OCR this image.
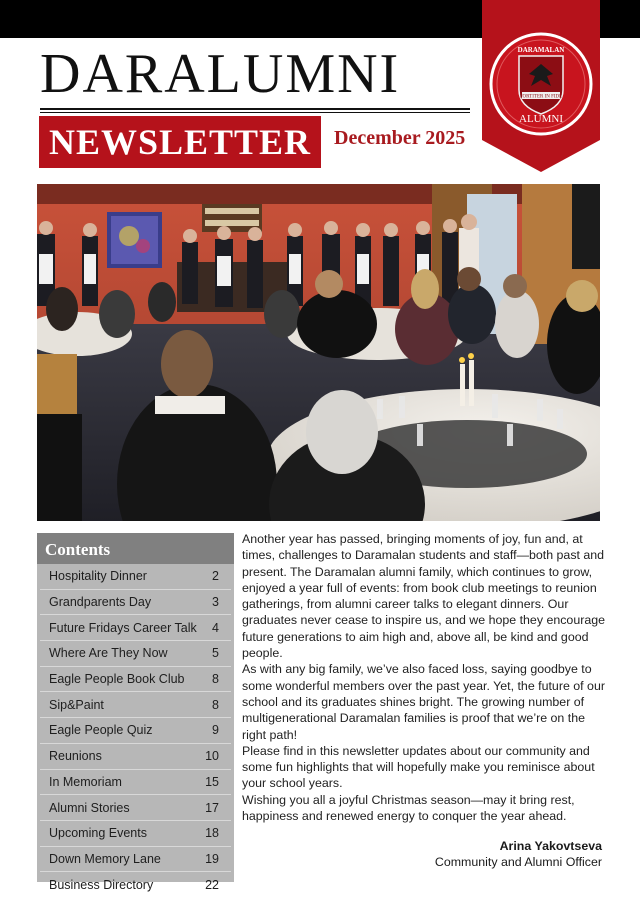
DARALUMNI
NEWSLETTER	December 2025
FORTITER IN FIDE
DARAMALAN
ALUMNI
Contents
Hospitality Dinner	2
Grandparents Day	3
Future Fridays Career Talk 4
Where Are They Now	5
Eagle People Book Club 8
Sip&Paint	8
Eagle People Quiz	9
Reunions	10
In Memoriam	15
Alumni Stories	17
Upcoming Events	18
Down Memory Lane	19
Business Directory	22

Another year has passed, bringing moments of joy, fun and, at times, challenges to Daramalan students and staff—both past and present. The Daramalan alumni family, which continues to grow, enjoyed a year full of events: from book club meetings to reunion gatherings, from alumni career talks to elegant dinners. Our graduates never cease to inspire us, and we hope they encourage future generations to aim high and, above all, be kind and good people.

As with any big family, we’ve also faced loss, saying goodbye to some wonderful members over the past year. Yet, the future of our school and its graduates shines bright. The growing number of multigenerational Daramalan families is proof that we’re on the right path!

Please find in this newsletter updates about our community and some fun highlights that will hopefully make you reminisce about your school years.

Wishing you all a joyful Christmas season—may it bring rest, happiness and renewed energy to conquer the year ahead.

Arina Yakovtseva
Community and Alumni Officer
